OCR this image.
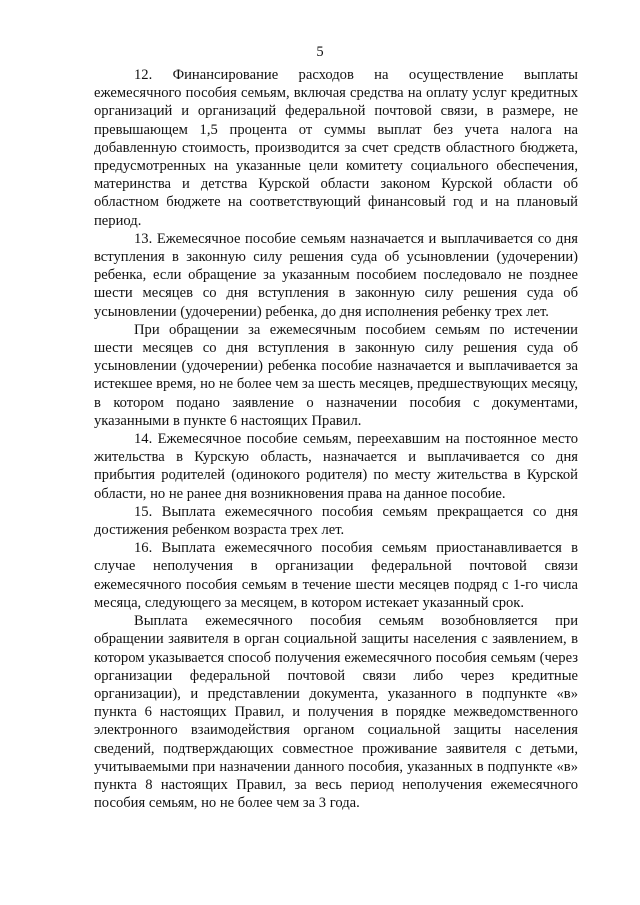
5

12. Финансирование расходов на осуществление выплаты ежемесячного пособия семьям, включая средства на оплату услуг кредитных организаций и организаций федеральной почтовой связи, в размере, не превышающем 1,5 процента от суммы выплат без учета налога на добавленную стоимость, производится за счет средств областного бюджета, предусмотренных на указанные цели комитету социального обеспечения, материнства и детства Курской области законом Курской области об областном бюджете на соответствующий финансовый год и на плановый период.

13. Ежемесячное пособие семьям назначается и выплачивается со дня вступления в законную силу решения суда об усыновлении (удочерении) ребенка, если обращение за указанным пособием последовало не позднее шести месяцев со дня вступления в законную силу решения суда об усыновлении (удочерении) ребенка, до дня исполнения ребенку трех лет.

При обращении за ежемесячным пособием семьям по истечении шести месяцев со дня вступления в законную силу решения суда об усыновлении (удочерении) ребенка пособие назначается и выплачивается за истекшее время, но не более чем за шесть месяцев, предшествующих месяцу, в котором подано заявление о назначении пособия с документами, указанными в пункте 6 настоящих Правил.

14. Ежемесячное пособие семьям, переехавшим на постоянное место жительства в Курскую область, назначается и выплачивается со дня прибытия родителей (одинокого родителя) по месту жительства в Курской области, но не ранее дня возникновения права на данное пособие.

15. Выплата ежемесячного пособия семьям прекращается со дня достижения ребенком возраста трех лет.

16. Выплата ежемесячного пособия семьям приостанавливается в случае неполучения в организации федеральной почтовой связи ежемесячного пособия семьям в течение шести месяцев подряд с 1-го числа месяца, следующего за месяцем, в котором истекает указанный срок.

Выплата ежемесячного пособия семьям возобновляется при обращении заявителя в орган социальной защиты населения с заявлением, в котором указывается способ получения ежемесячного пособия семьям (через организации федеральной почтовой связи либо через кредитные организации), и представлении документа, указанного в подпункте «в» пункта 6 настоящих Правил, и получения в порядке межведомственного электронного взаимодействия органом социальной защиты населения сведений, подтверждающих совместное проживание заявителя с детьми, учитываемыми при назначении данного пособия, указанных в подпункте «в» пункта 8 настоящих Правил, за весь период неполучения ежемесячного пособия семьям, но не более чем за 3 года.
